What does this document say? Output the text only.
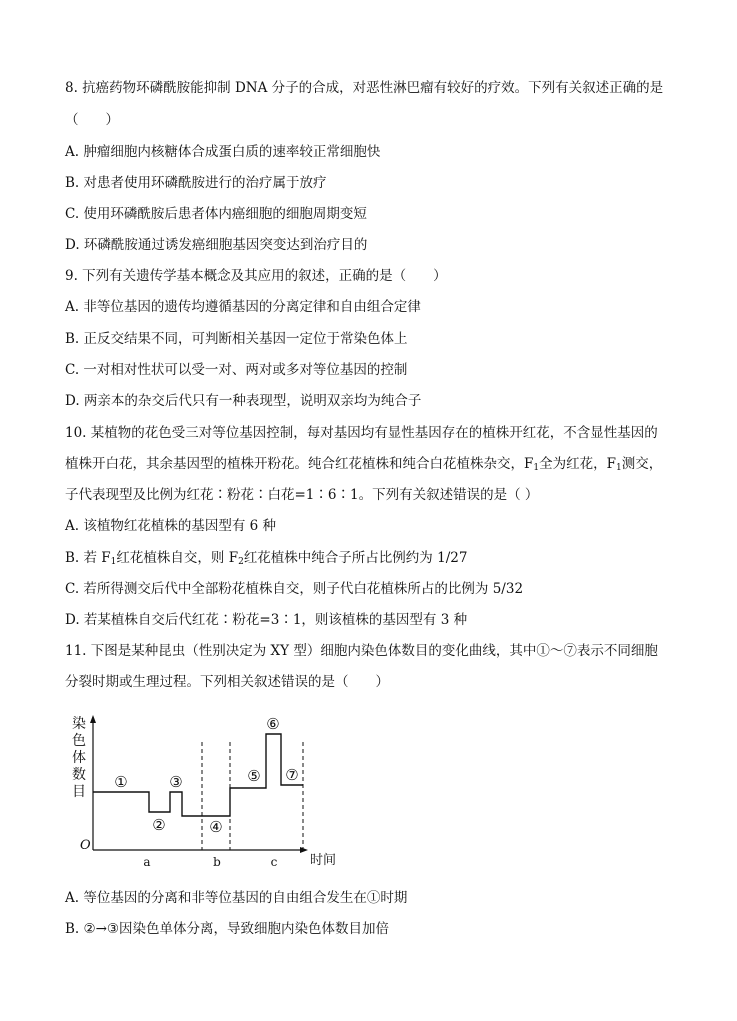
8. 抗癌药物环磷酰胺能抑制 DNA 分子的合成，对恶性淋巴瘤有较好的疗效。下列有关叙述正确的是
（　　）
A. 肿瘤细胞内核糖体合成蛋白质的速率较正常细胞快
B. 对患者使用环磷酰胺进行的治疗属于放疗
C. 使用环磷酰胺后患者体内癌细胞的细胞周期变短
D. 环磷酰胺通过诱发癌细胞基因突变达到治疗目的
9. 下列有关遗传学基本概念及其应用的叙述，正确的是（　　）
A. 非等位基因的遗传均遵循基因的分离定律和自由组合定律
B. 正反交结果不同，可判断相关基因一定位于常染色体上
C. 一对相对性状可以受一对、两对或多对等位基因的控制
D. 两亲本的杂交后代只有一种表现型，说明双亲均为纯合子
10. 某植物的花色受三对等位基因控制，每对基因均有显性基因存在的植株开红花，不含显性基因的
植株开白花，其余基因型的植株开粉花。纯合红花植株和纯合白花植株杂交，$F_1$全为红花，$F_1$测交，
子代表现型及比例为红花∶粉花∶白花=1∶6∶1。下列有关叙述错误的是（ ）
A. 该植物红花植株的基因型有 6 种
B. 若 $F_1$红花植株自交，则 $F_2$红花植株中纯合子所占比例约为 1/27
C. 若所得测交后代中全部粉花植株自交，则子代白花植株所占的比例为 5/32
D. 若某植株自交后代红花∶粉花=3∶1，则该植株的基因型有 3 种
11. 下图是某种昆虫（性别决定为 XY 型）细胞内染色体数目的变化曲线，其中①～⑦表示不同细胞
分裂时期或生理过程。下列相关叙述错误的是（　　）
染
色
体
数
目
O
时间
①
②
③
④
⑤
⑥
⑦
a	b	c
A. 等位基因的分离和非等位基因的自由组合发生在①时期
B. ②→③因染色单体分离，导致细胞内染色体数目加倍
